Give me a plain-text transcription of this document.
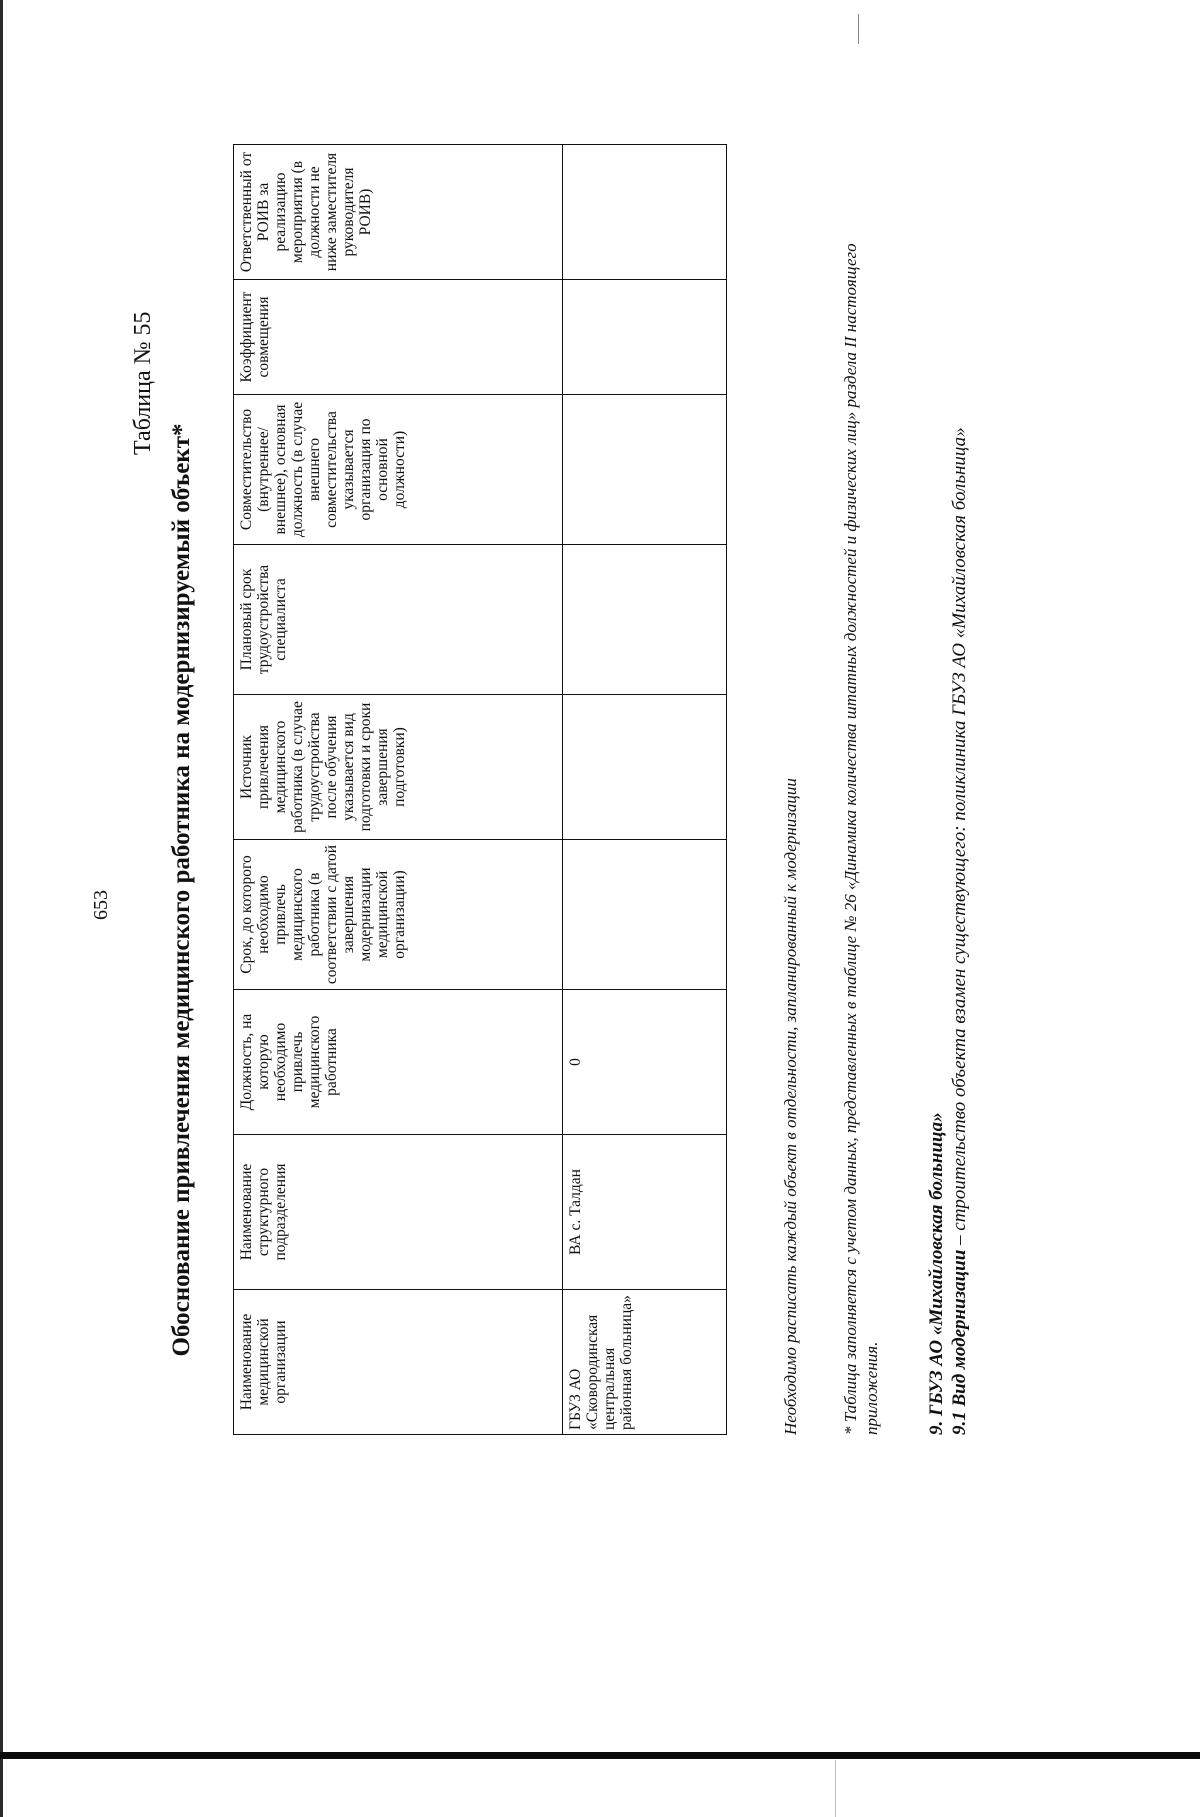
653
Таблица № 55
Обоснование привлечения медицинского работника на модернизируемый объект*
Наименование медицинской организации	Наименование структурного подразделения	Должность, на которую необходимо привлечь медицинского работника	Срок, до которого необходимо привлечь медицинского работника (в соответствии с датой завершения модернизации медицинской организации)	Источник привлечения медицинского работника (в случае трудоустройства после обучения указывается вид подготовки и сроки завершения подготовки)	Плановый срок трудоустройства специалиста	Совместительство (внутреннее/ внешнее), основная должность (в случае внешнего совместительства указывается организация по основной должности)	Коэффициент совмещения	Ответственный от РОИВ за реализацию мероприятия (в должности не ниже заместителя руководителя РОИВ)
ГБУЗ АО «Сковородинская центральная районная больница»	ВА с. Талдан	0							Необходимо расписать каждый объект в отдельности, запланированный к модернизации * Таблица заполняется с учетом данных, представленных в таблице № 26 «Динамика количества штатных должностей и физических лиц» раздела II настоящего приложения. 9. ГБУЗ АО «Михайловская больница» 9.1 Вид модернизации – строительство объекта взамен существующего: поликлиника ГБУЗ АО «Михайловская больница»
